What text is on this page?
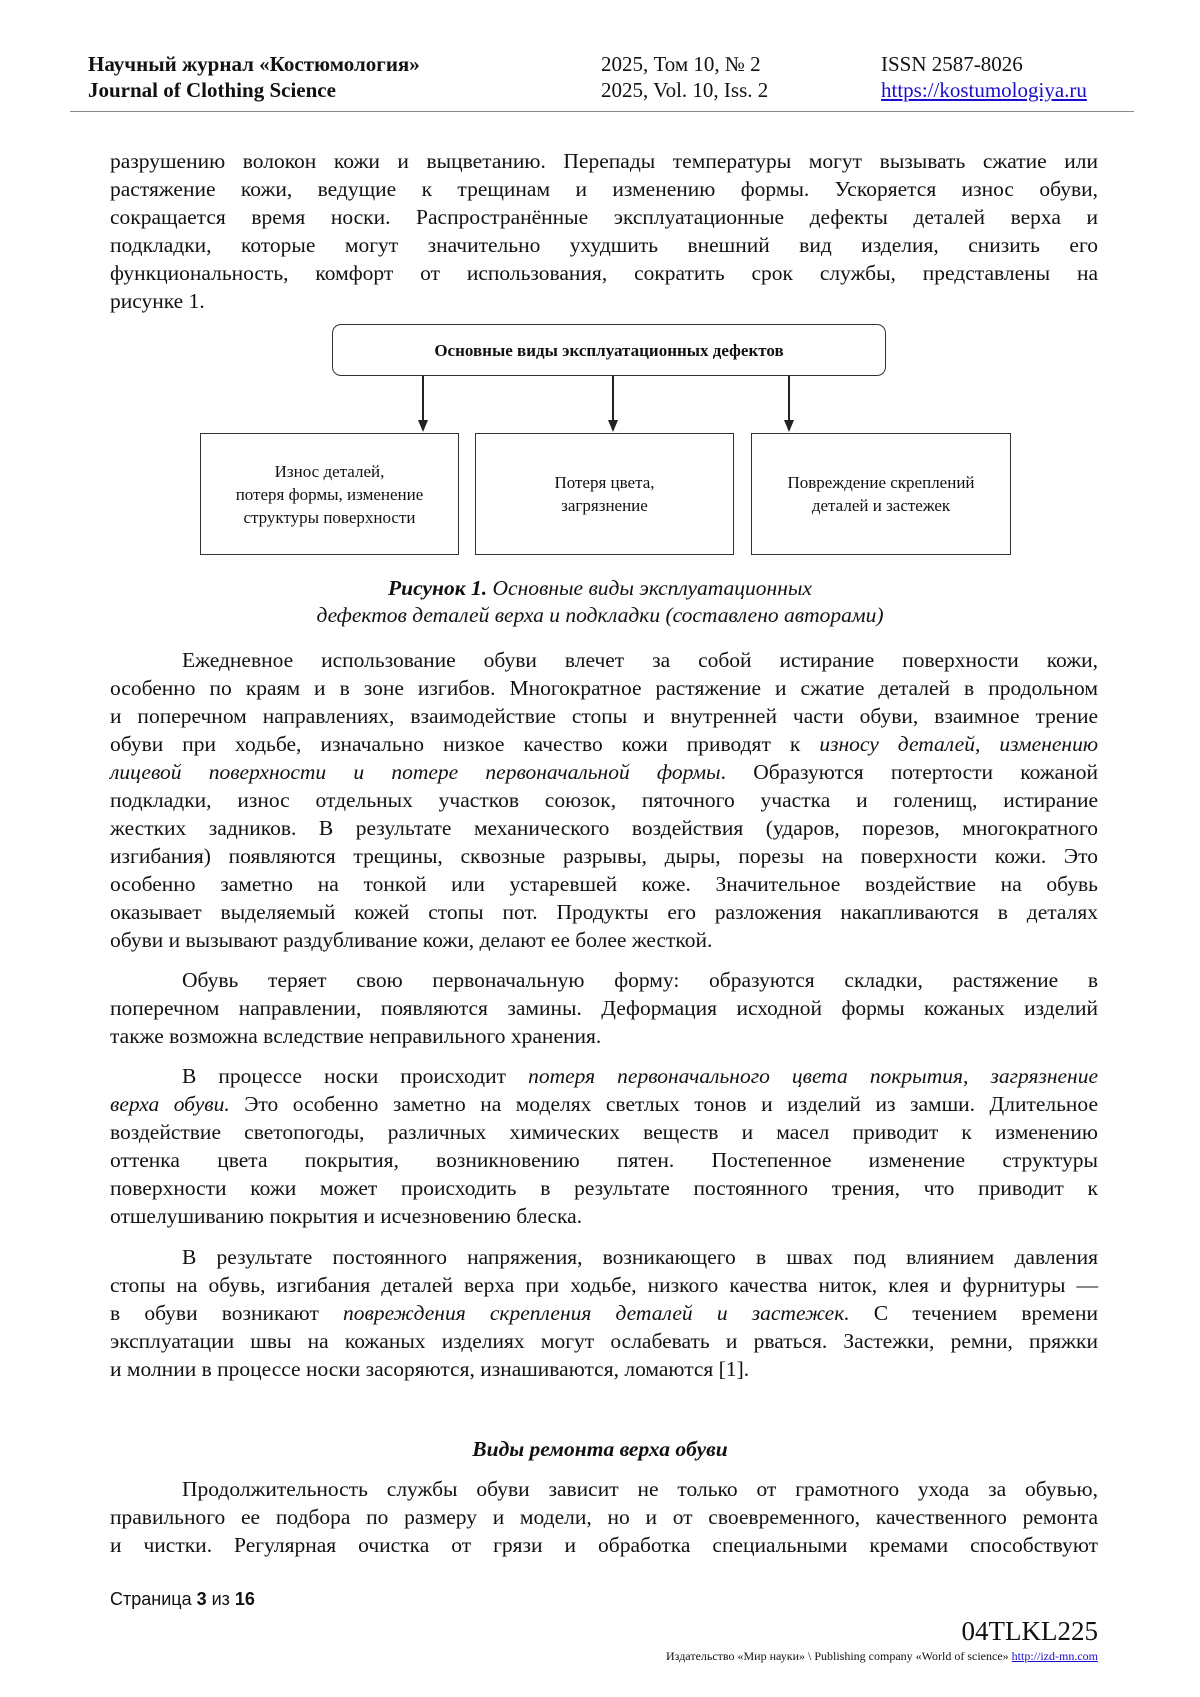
Научный журнал «Костюмология»
Journal of Clothing Science
2025, Том 10, № 2
2025, Vol. 10, Iss. 2
ISSN 2587-8026
https://kostumologiya.ru
разрушению волокон кожи и выцветанию. Перепады температуры могут вызывать сжатие или
растяжение кожи, ведущие к трещинам и изменению формы. Ускоряется износ обуви,
сокращается время носки. Распространённые эксплуатационные дефекты деталей верха и
подкладки, которые могут значительно ухудшить внешний вид изделия, снизить его
функциональность, комфорт от использования, сократить срок службы, представлены на
рисунке 1.
Ежедневное использование обуви влечет за собой истирание поверхности кожи,
особенно по краям и в зоне изгибов. Многократное растяжение и сжатие деталей в продольном
и поперечном направлениях, взаимодействие стопы и внутренней части обуви, взаимное трение
обуви при ходьбе, изначально низкое качество кожи приводят к износу деталей, изменению
лицевой поверхности и потере первоначальной формы. Образуются потертости кожаной
подкладки, износ отдельных участков союзок, пяточного участка и голенищ, истирание
жестких задников. В результате механического воздействия (ударов, порезов, многократного
изгибания) появляются трещины, сквозные разрывы, дыры, порезы на поверхности кожи. Это
особенно заметно на тонкой или устаревшей коже. Значительное воздействие на обувь
оказывает выделяемый кожей стопы пот. Продукты его разложения накапливаются в деталях
обуви и вызывают раздубливание кожи, делают ее более жесткой.
Обувь теряет свою первоначальную форму: образуются складки, растяжение в
поперечном направлении, появляются замины. Деформация исходной формы кожаных изделий
также возможна вследствие неправильного хранения.
В процессе носки происходит потеря первоначального цвета покрытия, загрязнение
верха обуви. Это особенно заметно на моделях светлых тонов и изделий из замши. Длительное
воздействие светопогоды, различных химических веществ и масел приводит к изменению
оттенка цвета покрытия, возникновению пятен. Постепенное изменение структуры
поверхности кожи может происходить в результате постоянного трения, что приводит к
отшелушиванию покрытия и исчезновению блеска.
В результате постоянного напряжения, возникающего в швах под влиянием давления
стопы на обувь, изгибания деталей верха при ходьбе, низкого качества ниток, клея и фурнитуры —
в обуви возникают повреждения скрепления деталей и застежек. С течением времени
эксплуатации швы на кожаных изделиях могут ослабевать и рваться. Застежки, ремни, пряжки
и молнии в процессе носки засоряются, изнашиваются, ломаются [1].
Продолжительность службы обуви зависит не только от грамотного ухода за обувью,
правильного ее подбора по размеру и модели, но и от своевременного, качественного ремонта
и чистки. Регулярная очистка от грязи и обработка специальными кремами способствуют
Основные виды эксплуатационных дефектов
Износ деталей,
потеря формы, изменение
структуры поверхности
Потеря цвета,
загрязнение
Повреждение скреплений
деталей и застежек
Рисунок 1. Основные виды эксплуатационных
дефектов деталей верха и подкладки (составлено авторами)
Виды ремонта верха обуви
Страница 3 из 16
04TLKL225
Издательство «Мир науки» \ Publishing company «World of science» http://izd-mn.com
